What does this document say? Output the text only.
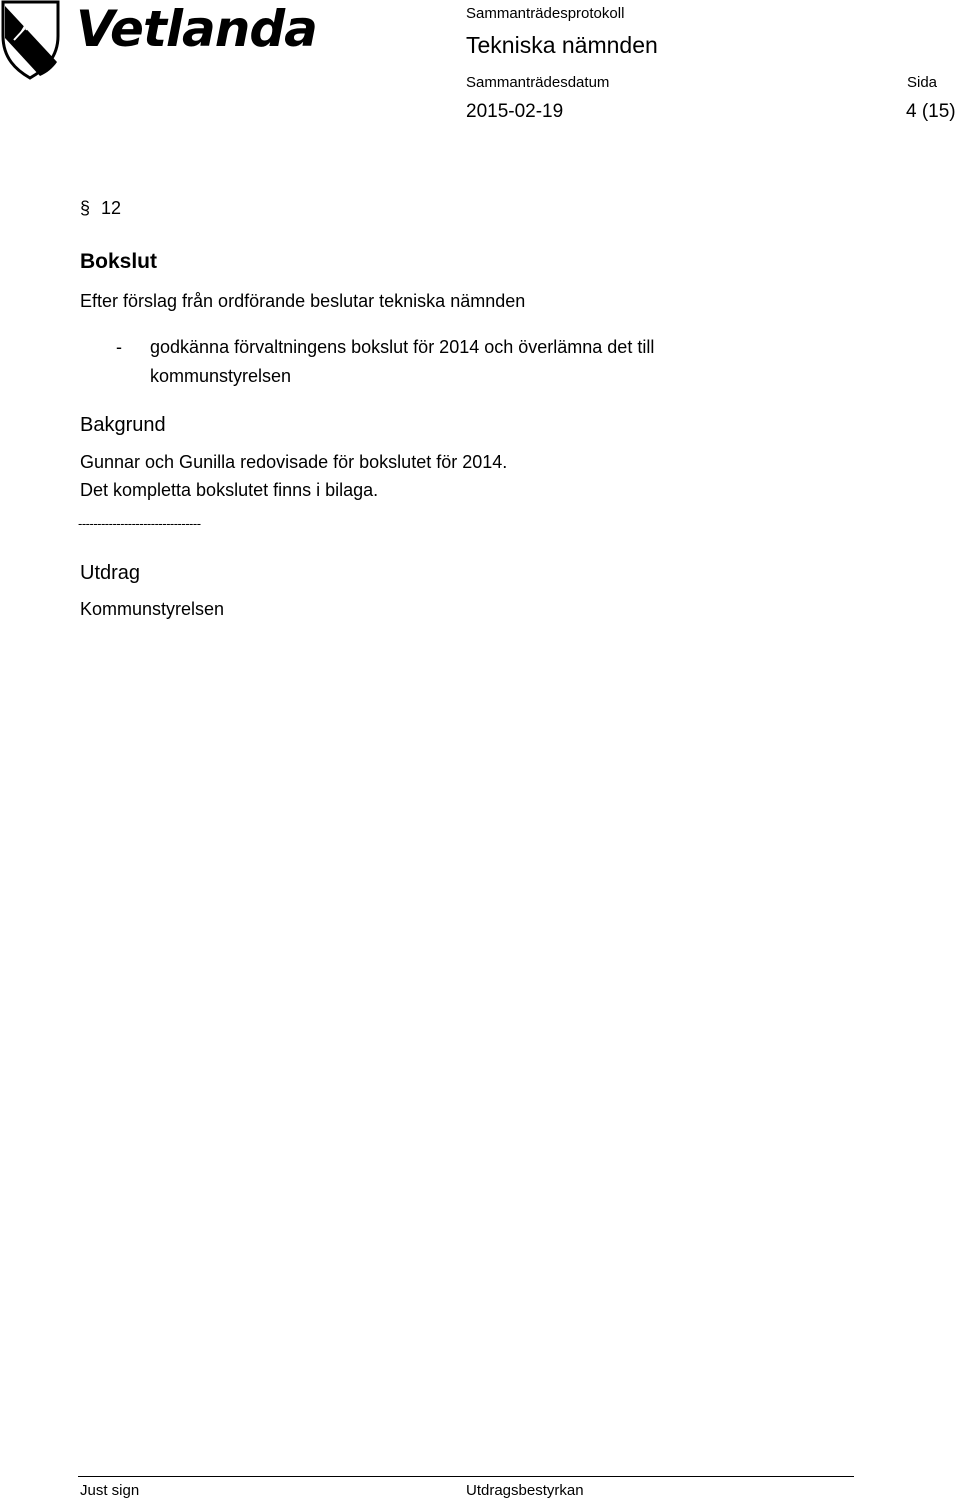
Vetlanda	Sammanträdesprotokoll
Tekniska nämnden
Sammanträdesdatum	Sida
2015-02-19	4 (15)
§ 12
Bokslut
Efter förslag från ordförande beslutar tekniska nämnden
- godkänna förvaltningens bokslut för 2014 och överlämna det till
kommunstyrelsen
Bakgrund
Gunnar och Gunilla redovisade för bokslutet för 2014.
Det kompletta bokslutet finns i bilaga.
--------------------------------
Utdrag
Kommunstyrelsen
Just sign	Utdragsbestyrkan
